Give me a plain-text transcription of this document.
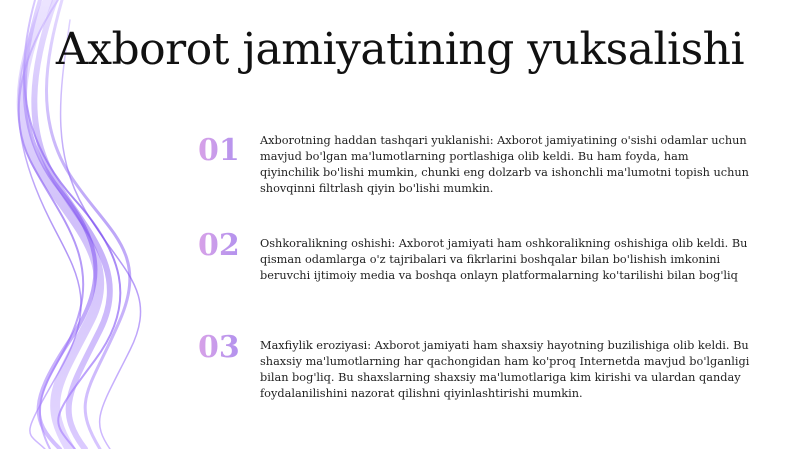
Axborot jamiyatining yuksalishi
01	Axborotning haddan tashqari yuklanishi: Axborot jamiyatining o'sishi odamlar uchun mavjud bo'lgan ma'lumotlarning portlashiga olib keldi. Bu ham foyda, ham qiyinchilik bo'lishi mumkin, chunki eng dolzarb va ishonchli ma'lumotni topish uchun shovqinni filtrlash qiyin bo'lishi mumkin.
02	Oshkoralikning oshishi: Axborot jamiyati ham oshkoralikning oshishiga olib keldi. Bu qisman odamlarga o'z tajribalari va fikrlarini boshqalar bilan bo'lishish imkonini beruvchi ijtimoiy media va boshqa onlayn platformalarning ko'tarilishi bilan bog'liq
03	Maxfiylik eroziyasi: Axborot jamiyati ham shaxsiy hayotning buzilishiga olib keldi. Bu shaxsiy ma'lumotlarning har qachongidan ham ko'proq Internetda mavjud bo'lganligi bilan bog'liq. Bu shaxslarning shaxsiy ma'lumotlariga kim kirishi va ulardan qanday foydalanilishini nazorat qilishni qiyinlashtirishi mumkin.
